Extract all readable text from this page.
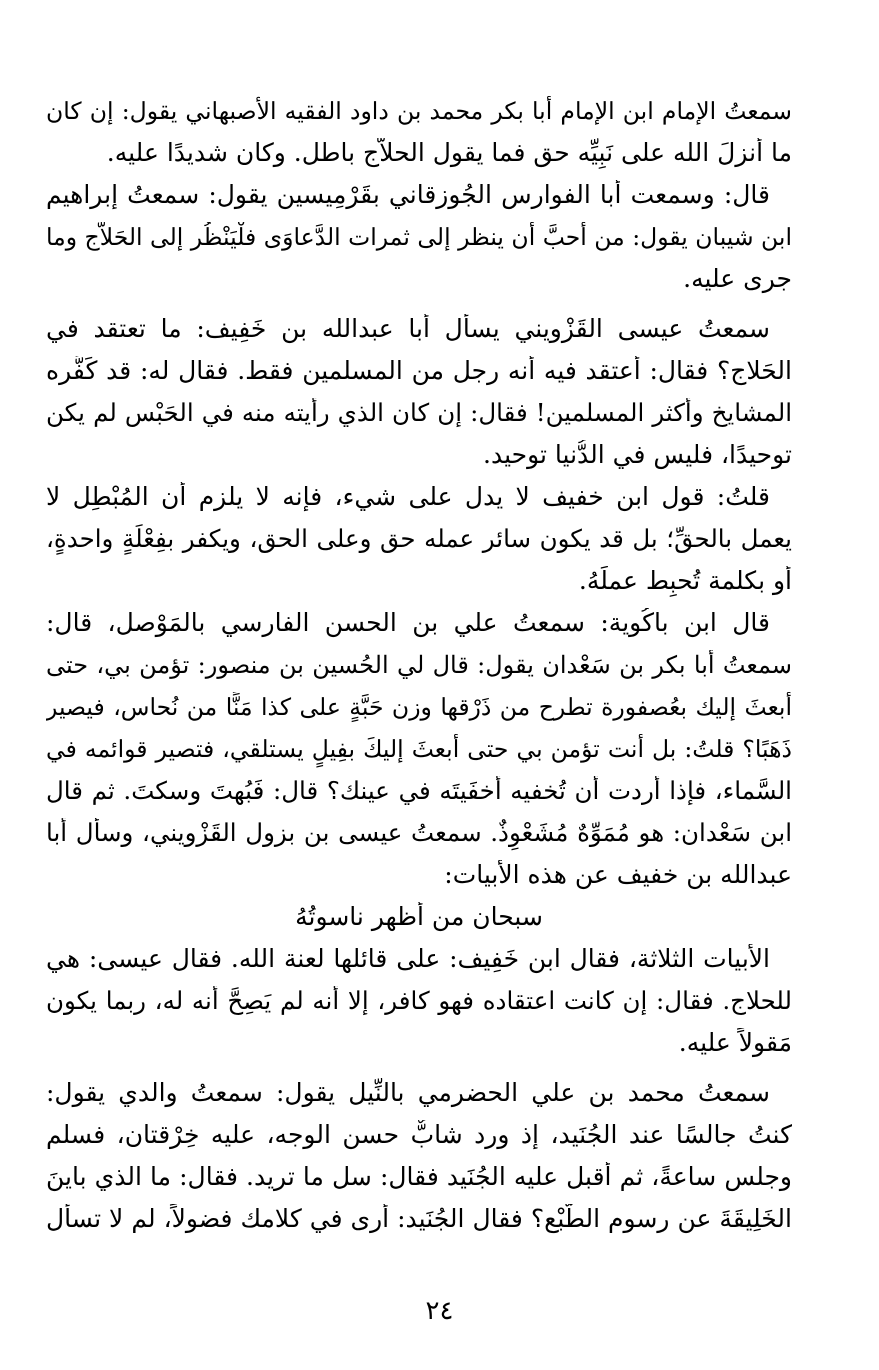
سمعتُ الإمام ابن الإمام أبا بكر محمد بن داود الفقيه الأصبهاني يقول: إن كان
ما أنزلَ الله على نَبِيِّه حق فما يقول الحلاّج باطل. وكان شديدًا عليه.
قال: وسمعت أبا الفوارس الجُوزقاني بقَرْمِيسين يقول: سمعتُ إبراهيم
ابن شيبان يقول: من أحبَّ أن ينظر إلى ثمرات الدَّعاوَى فلْيَنْظُر إلى الحَلاَّج وما
جرى عليه.
سمعتُ عيسى القَزْويني يسأل أبا عبدالله بن خَفِيف: ما تعتقد في
الحَلاج؟ فقال: أعتقد فيه أنه رجل من المسلمين فقط. فقال له: قد كَفَّره
المشايخ وأكثر المسلمين! فقال: إن كان الذي رأيته منه في الحَبْس لم يكن
توحيدًا، فليس في الدُّنيا توحيد.
قلتُ: قول ابن خفيف لا يدل على شيء، فإنه لا يلزم أن المُبْطِل لا
يعمل بالحقِّ؛ بل قد يكون سائر عمله حق وعلى الحق، ويكفر بفِعْلَةٍ واحدةٍ،
أو بكلمة تُحبِط عملَهُ.
قال ابن باكُوية: سمعتُ علي بن الحسن الفارسي بالمَوْصل، قال:
سمعتُ أبا بكر بن سَعْدان يقول: قال لي الحُسين بن منصور: تؤمن بي، حتى
أبعثَ إليك بعُصفورة تطرح من ذَرْقها وزن حَبَّةٍ على كذا مَنًّا من نُحاس، فيصير
ذَهَبًا؟ قلتُ: بل أنت تؤمن بي حتى أبعثَ إليكَ بفِيلٍ يستلقي، فتصير قوائمه في
السَّماء، فإذا أردت أن تُخفيه أخفَيتَه في عينك؟ قال: فَبُهتَ وسكتَ. ثم قال
ابن سَعْدان: هو مُمَوِّهٌ مُشَعْوِذٌ. سمعتُ عيسى بن بزول القَزْويني، وسأل أبا
عبدالله بن خفيف عن هذه الأبيات:
سبحان من أظهر ناسوتُهُ
الأبيات الثلاثة، فقال ابن خَفِيف: على قائلها لعنة الله. فقال عيسى: هي
للحلاج. فقال: إن كانت اعتقاده فهو كافر، إلا أنه لم يَصِحَّ أنه له، ربما يكون
مَقولاً عليه.
سمعتُ محمد بن علي الحضرمي بالنِّيل يقول: سمعتُ والدي يقول:
كنتُ جالسًا عند الجُنَيد، إذ ورد شابٌّ حسن الوجه، عليه خِرْقتان، فسلم
وجلس ساعةً، ثم أقبل عليه الجُنَيد فقال: سل ما تريد. فقال: ما الذي باينَ
الخَلِيقَةَ عن رسوم الطَّبْع؟ فقال الجُنَيد: أرى في كلامك فضولاً، لم لا تسأل
٢٤
